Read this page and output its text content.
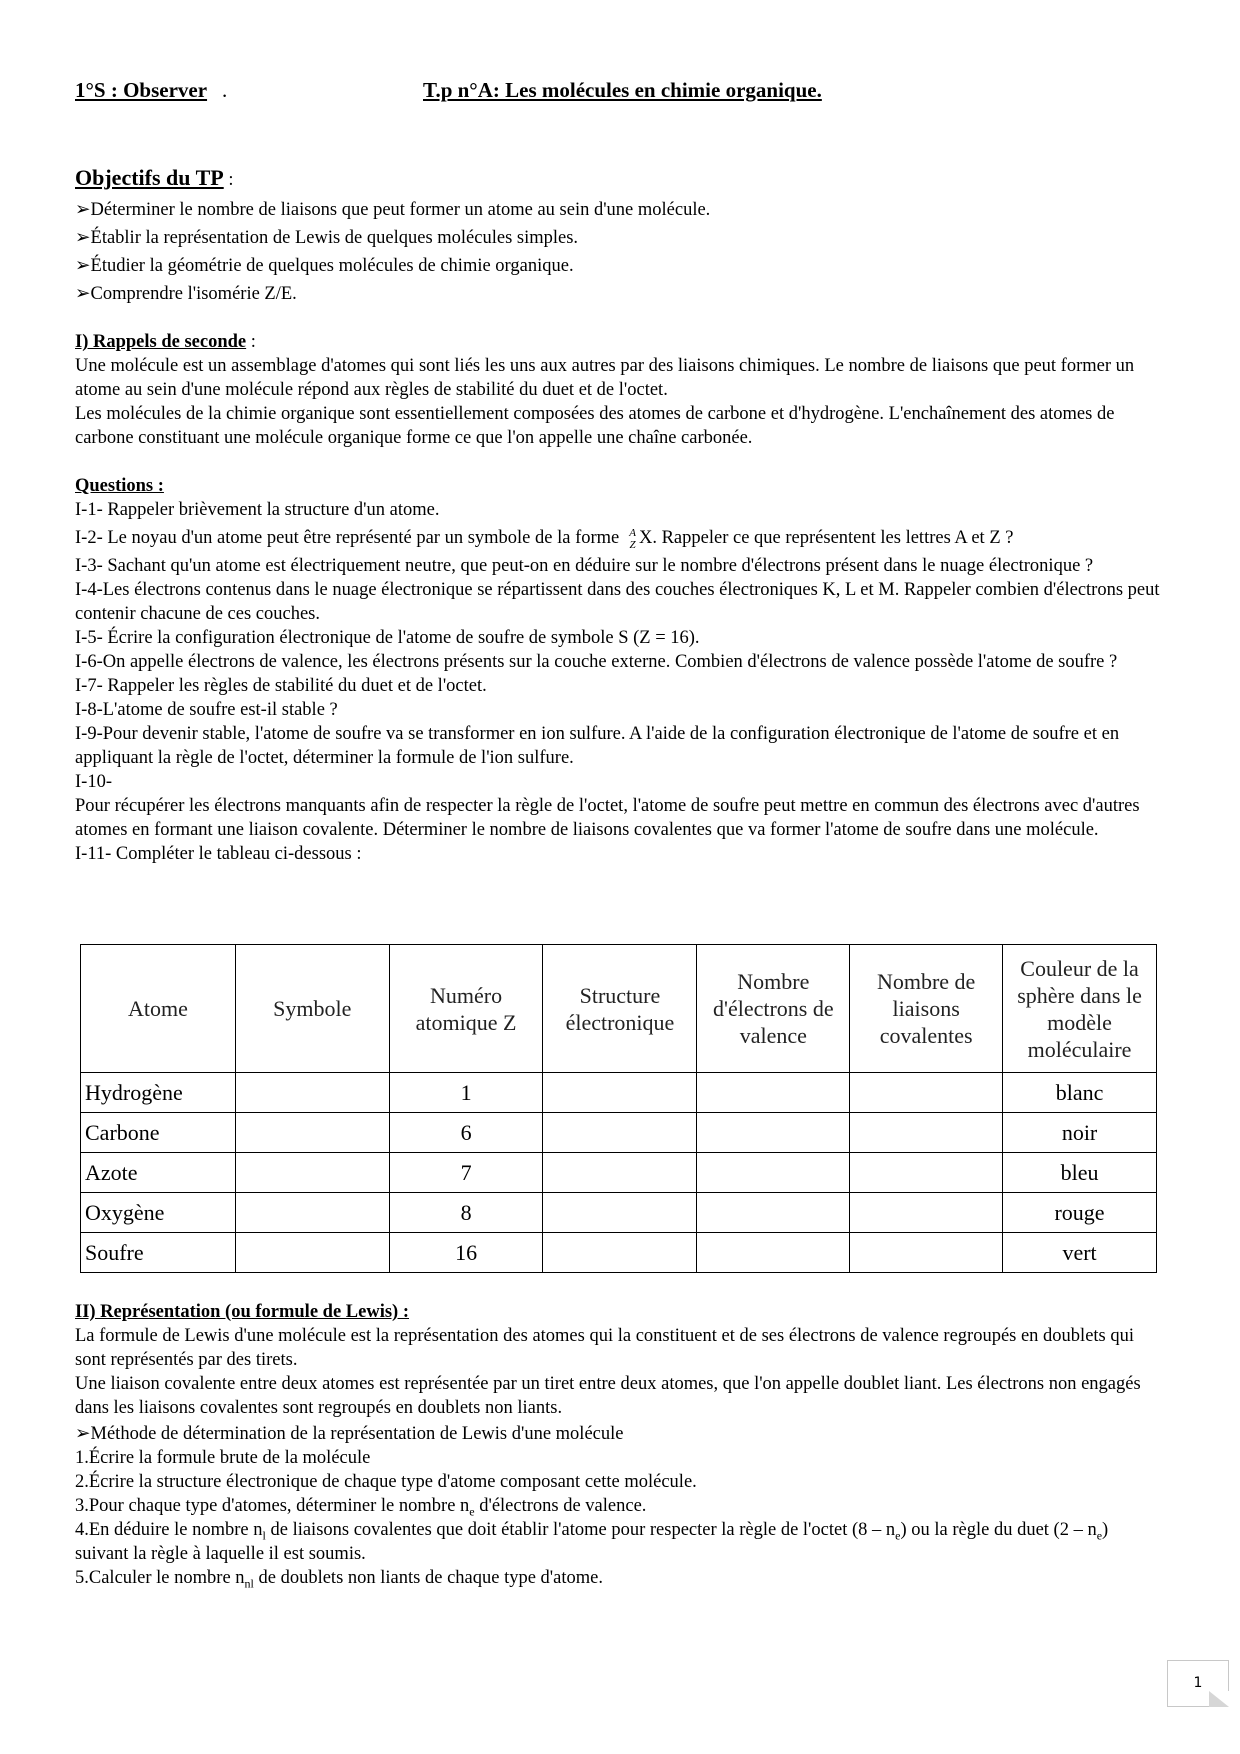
1°S : Observer .	T.p n°A: Les molécules en chimie organique.
Objectifs du TP :
➢Déterminer le nombre de liaisons que peut former un atome au sein d'une molécule.
➢Établir la représentation de Lewis de quelques molécules simples.
➢Étudier la géométrie de quelques molécules de chimie organique.
➢Comprendre l'isomérie Z/E.
I) Rappels de seconde :
Une molécule est un assemblage d'atomes qui sont liés les uns aux autres par des liaisons chimiques. Le nombre de liaisons que peut former un atome au sein d'une molécule répond aux règles de stabilité du duet et de l'octet.
Les molécules de la chimie organique sont essentiellement composées des atomes de carbone et d'hydrogène. L'enchaînement des atomes de carbone constituant une molécule organique forme ce que l'on appelle une chaîne carbonée.
Questions :
I-1- Rappeler brièvement la structure d'un atome.
I-2- Le noyau d'un atome peut être représenté par un symbole de la forme A
Z X. Rappeler ce que représentent les lettres A et Z ?
I-3- Sachant qu'un atome est électriquement neutre, que peut-on en déduire sur le nombre d'électrons présent dans le nuage électronique ?
I-4-Les électrons contenus dans le nuage électronique se répartissent dans des couches électroniques K, L et M. Rappeler combien d'électrons peut contenir chacune de ces couches.
I-5- Écrire la configuration électronique de l'atome de soufre de symbole S (Z = 16).
I-6-On appelle électrons de valence, les électrons présents sur la couche externe. Combien d'électrons de valence possède l'atome de soufre ?
I-7- Rappeler les règles de stabilité du duet et de l'octet.
I-8-L'atome de soufre est-il stable ?
I-9-Pour devenir stable, l'atome de soufre va se transformer en ion sulfure. A l'aide de la configuration électronique de l'atome de soufre et en appliquant la règle de l'octet, déterminer la formule de l'ion sulfure.
I-10-
Pour récupérer les électrons manquants afin de respecter la règle de l'octet, l'atome de soufre peut mettre en commun des électrons avec d'autres atomes en formant une liaison covalente. Déterminer le nombre de liaisons covalentes que va former l'atome de soufre dans une molécule.
I-11- Compléter le tableau ci-dessous :
Atome	Symbole	Numéro atomique Z	Structure électronique	Nombre d'électrons de valence	Nombre de liaisons covalentes	Couleur de la sphère dans le modèle moléculaire
Hydrogène		1				blanc
Carbone		6				noir
Azote		7				bleu
Oxygène		8				rouge
Soufre		16				vert
II) Représentation (ou formule de Lewis) :
La formule de Lewis d'une molécule est la représentation des atomes qui la constituent et de ses électrons de valence regroupés en doublets qui sont représentés par des tirets.
Une liaison covalente entre deux atomes est représentée par un tiret entre deux atomes, que l'on appelle doublet liant. Les électrons non engagés dans les liaisons covalentes sont regroupés en doublets non liants.
➢Méthode de détermination de la représentation de Lewis d'une molécule
1.Écrire la formule brute de la molécule
2.Écrire la structure électronique de chaque type d'atome composant cette molécule.
3.Pour chaque type d'atomes, déterminer le nombre $n_e$ d'électrons de valence.
4.En déduire le nombre $n_l$ de liaisons covalentes que doit établir l'atome pour respecter la règle de l'octet $(8 - n_e)$ ou la règle du duet $(2 - n_e)$ suivant la règle à laquelle il est soumis.
5.Calculer le nombre $n_{nl}$ de doublets non liants de chaque type d'atome.
1
